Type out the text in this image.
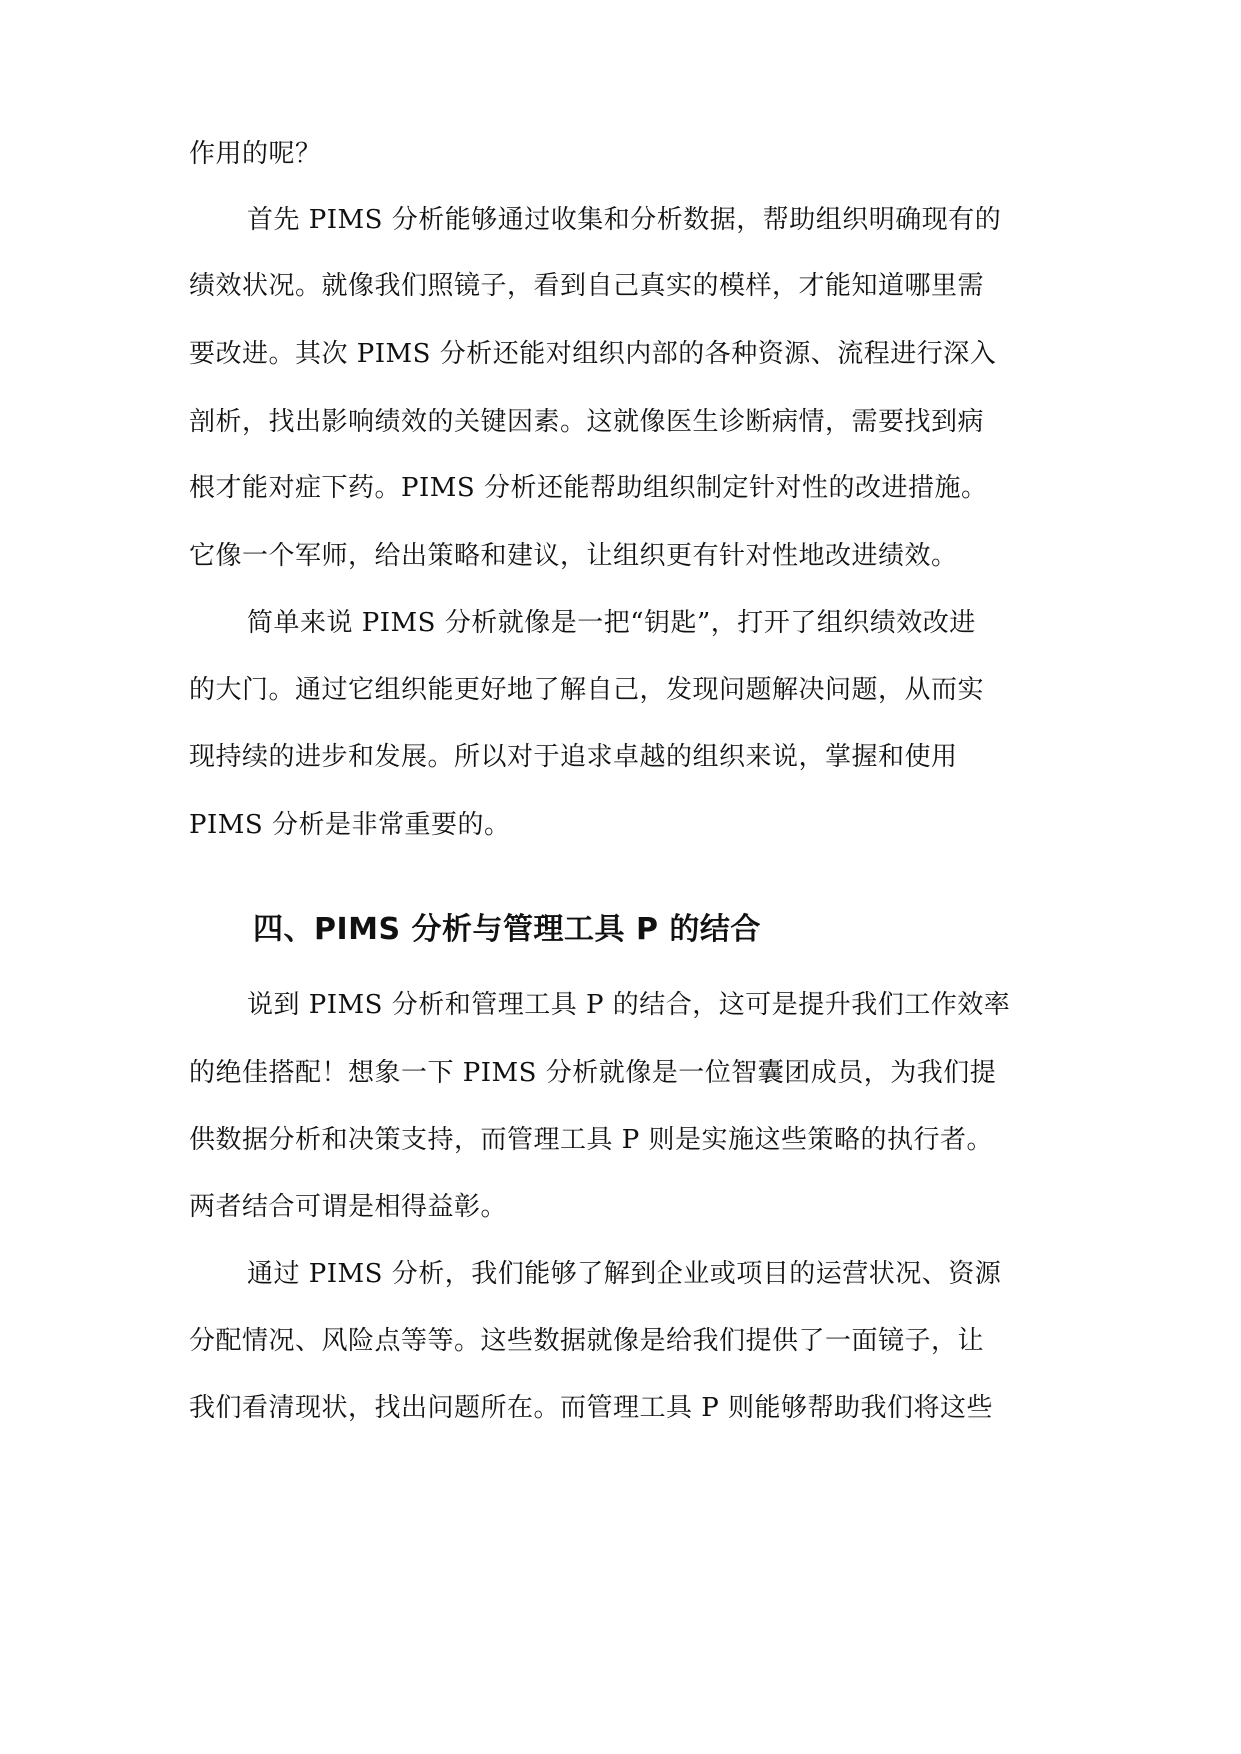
作用的呢？
首先 PIMS 分析能够通过收集和分析数据，帮助组织明确现有的
绩效状况。就像我们照镜子，看到自己真实的模样，才能知道哪里需
要改进。其次 PIMS 分析还能对组织内部的各种资源、流程进行深入
剖析，找出影响绩效的关键因素。这就像医生诊断病情，需要找到病
根才能对症下药。PIMS 分析还能帮助组织制定针对性的改进措施。
它像一个军师，给出策略和建议，让组织更有针对性地改进绩效。
简单来说 PIMS 分析就像是一把“钥匙”，打开了组织绩效改进
的大门。通过它组织能更好地了解自己，发现问题解决问题，从而实
现持续的进步和发展。所以对于追求卓越的组织来说，掌握和使用
PIMS 分析是非常重要的。
四、PIMS 分析与管理工具 P 的结合
说到 PIMS 分析和管理工具 P 的结合，这可是提升我们工作效率
的绝佳搭配！想象一下 PIMS 分析就像是一位智囊团成员，为我们提
供数据分析和决策支持，而管理工具 P 则是实施这些策略的执行者。
两者结合可谓是相得益彰。
通过 PIMS 分析，我们能够了解到企业或项目的运营状况、资源
分配情况、风险点等等。这些数据就像是给我们提供了一面镜子，让
我们看清现状，找出问题所在。而管理工具 P 则能够帮助我们将这些
